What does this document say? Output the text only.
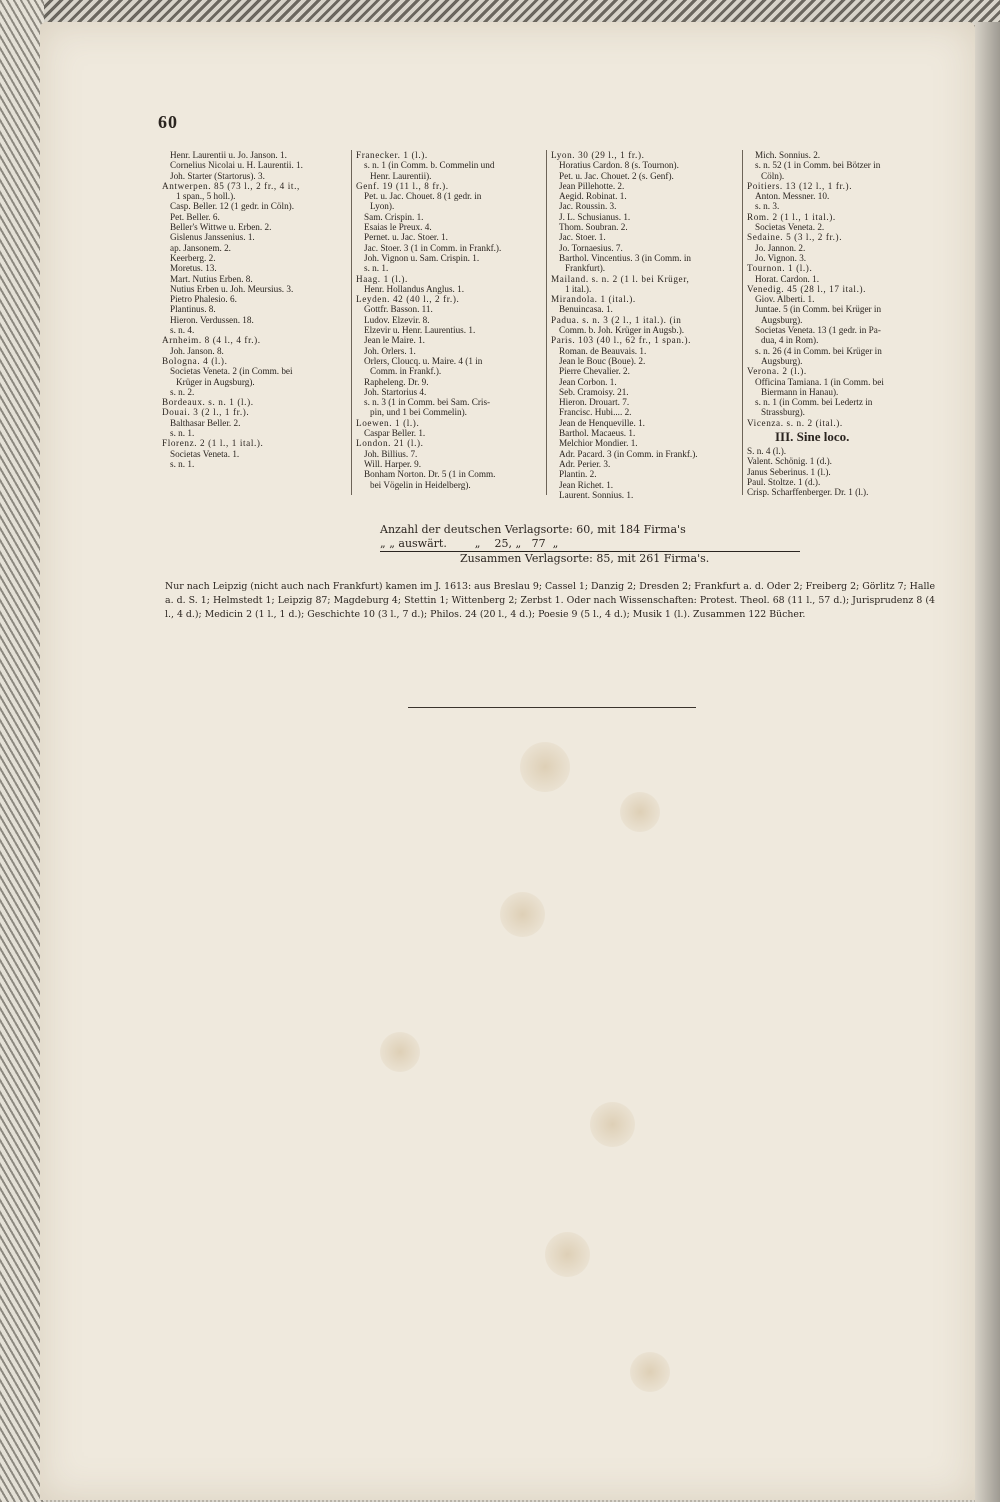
60
Henr. Laurentii u. Jo. Janson. 1.
Cornelius Nicolai u. H. Laurentii. 1.
Joh. Starter (Startorus). 3.
Antwerpen. 85 (73 l., 2 fr., 4 it.,
1 span., 5 holl.).
Casp. Beller. 12 (1 gedr. in Cöln).
Pet. Beller. 6.
Beller's Wittwe u. Erben. 2.
Gislenus Janssenius. 1.
ap. Jansonem. 2.
Keerberg. 2.
Moretus. 13.
Mart. Nutius Erben. 8.
Nutius Erben u. Joh. Meursius. 3.
Pietro Phalesio. 6.
Plantinus. 8.
Hieron. Verdussen. 18.
s. n. 4.
Arnheim. 8 (4 l., 4 fr.).
Joh. Janson. 8.
Bologna. 4 (l.).
Societas Veneta. 2 (in Comm. bei
Krüger in Augsburg).
s. n. 2.
Bordeaux. s. n. 1 (l.).
Douai. 3 (2 l., 1 fr.).
Balthasar Beller. 2.
s. n. 1.
Florenz. 2 (1 l., 1 ital.).
Societas Veneta. 1.
s. n. 1.
Franecker. 1 (l.).
s. n. 1 (in Comm. b. Commelin und
Henr. Laurentii).
Genf. 19 (11 l., 8 fr.).
Pet. u. Jac. Chouet. 8 (1 gedr. in
Lyon).
Sam. Crispin. 1.
Esaias le Preux. 4.
Pernet. u. Jac. Stoer. 1.
Jac. Stoer. 3 (1 in Comm. in Frankf.).
Joh. Vignon u. Sam. Crispin. 1.
s. n. 1.
Haag. 1 (l.).
Henr. Hollandus Anglus. 1.
Leyden. 42 (40 l., 2 fr.).
Gottfr. Basson. 11.
Ludov. Elzevir. 8.
Elzevir u. Henr. Laurentius. 1.
Jean le Maire. 1.
Joh. Orlers. 1.
Orlers, Clоucq. u. Maire. 4 (1 in
Comm. in Frankf.).
Rapheleng. Dr. 9.
Joh. Startorius 4.
s. n. 3 (1 in Comm. bei Sam. Cris-
pin, und 1 bei Commelin).
Loewen. 1 (l.).
Caspar Beller. 1.
London. 21 (l.).
Joh. Billius. 7.
Will. Harper. 9.
Bonham Norton. Dr. 5 (1 in Comm.
bei Vögelin in Heidelberg).
Lyon. 30 (29 l., 1 fr.).
Horatius Cardon. 8 (s. Tournon).
Pet. u. Jac. Chouet. 2 (s. Genf).
Jean Pillehotte. 2.
Aegid. Robinat. 1.
Jac. Roussin. 3.
J. L. Schusianus. 1.
Thom. Soubran. 2.
Jac. Stoer. 1.
Jo. Tornaesius. 7.
Barthol. Vincentius. 3 (in Comm. in
Frankfurt).
Mailand. s. n. 2 (1 l. bei Krüger,
1 ital.).
Mirandola. 1 (ital.).
Benuincasa. 1.
Padua. s. n. 3 (2 l., 1 ital.). (in
Comm. b. Joh. Krüger in Augsb.).
Paris. 103 (40 l., 62 fr., 1 span.).
Roman. de Beauvais. 1.
Jean le Bouc (Boue). 2.
Pierre Chevalier. 2.
Jean Corbon. 1.
Seb. Cramoisy. 21.
Hieron. Drouart. 7.
Francisc. Hubi.... 2.
Jean de Henqueville. 1.
Barthol. Macaeus. 1.
Melchior Mondier. 1.
Adr. Pacard. 3 (in Comm. in Frankf.).
Adr. Perier. 3.
Plantin. 2.
Jean Richet. 1.
Laurent. Sonnius. 1.
Mich. Sonnius. 2.
s. n. 52 (1 in Comm. bei Bötzer in
Cöln).
Poitiers. 13 (12 l., 1 fr.).
Anton. Messner. 10.
s. n. 3.
Rom. 2 (1 l., 1 ital.).
Societas Veneta. 2.
Sedaine. 5 (3 l., 2 fr.).
Jo. Jannon. 2.
Jo. Vignon. 3.
Tournon. 1 (l.).
Horat. Cardon. 1.
Venedig. 45 (28 l., 17 ital.).
Giov. Alberti. 1.
Juntae. 5 (in Comm. bei Krüger in
Augsburg).
Societas Veneta. 13 (1 gedr. in Pa-
dua, 4 in Rom).
s. n. 26 (4 in Comm. bei Krüger in
Augsburg).
Verona. 2 (l.).
Officina Tamiana. 1 (in Comm. bei
Biermann in Hanau).
s. n. 1 (in Comm. bei Ledertz in
Strassburg).
Vicenza. s. n. 2 (ital.).
III. Sine loco.
S. n. 4 (l.).
Valent. Schönig. 1 (d.).
Janus Seberinus. 1 (l.).
Paul. Stoltze. 1 (d.).
Crisp. Scharffenberger. Dr. 1 (l.).
Anzahl der deutschen Verlagsorte: 60, mit 184 Firma's
„ „ auswärt.        „    25, „   77  „
Zusammen Verlagsorte: 85, mit 261 Firma's.
Nur nach Leipzig (nicht auch nach Frankfurt) kamen im J. 1613: aus Breslau 9; Cassel 1; Danzig 2; Dresden 2; Frankfurt a. d. Oder 2; Freiberg 2; Görlitz 7; Halle a. d. S. 1; Helmstedt 1; Leipzig 87; Magdeburg 4; Stettin 1; Wittenberg 2; Zerbst 1. Oder nach Wissenschaften: Protest. Theol. 68 (11 l., 57 d.); Jurisprudenz 8 (4 l., 4 d.); Medicin 2 (1 l., 1 d.); Geschichte 10 (3 l., 7 d.); Philos. 24 (20 l., 4 d.); Poesie 9 (5 l., 4 d.); Musik 1 (l.). Zusammen 122 Bücher.
